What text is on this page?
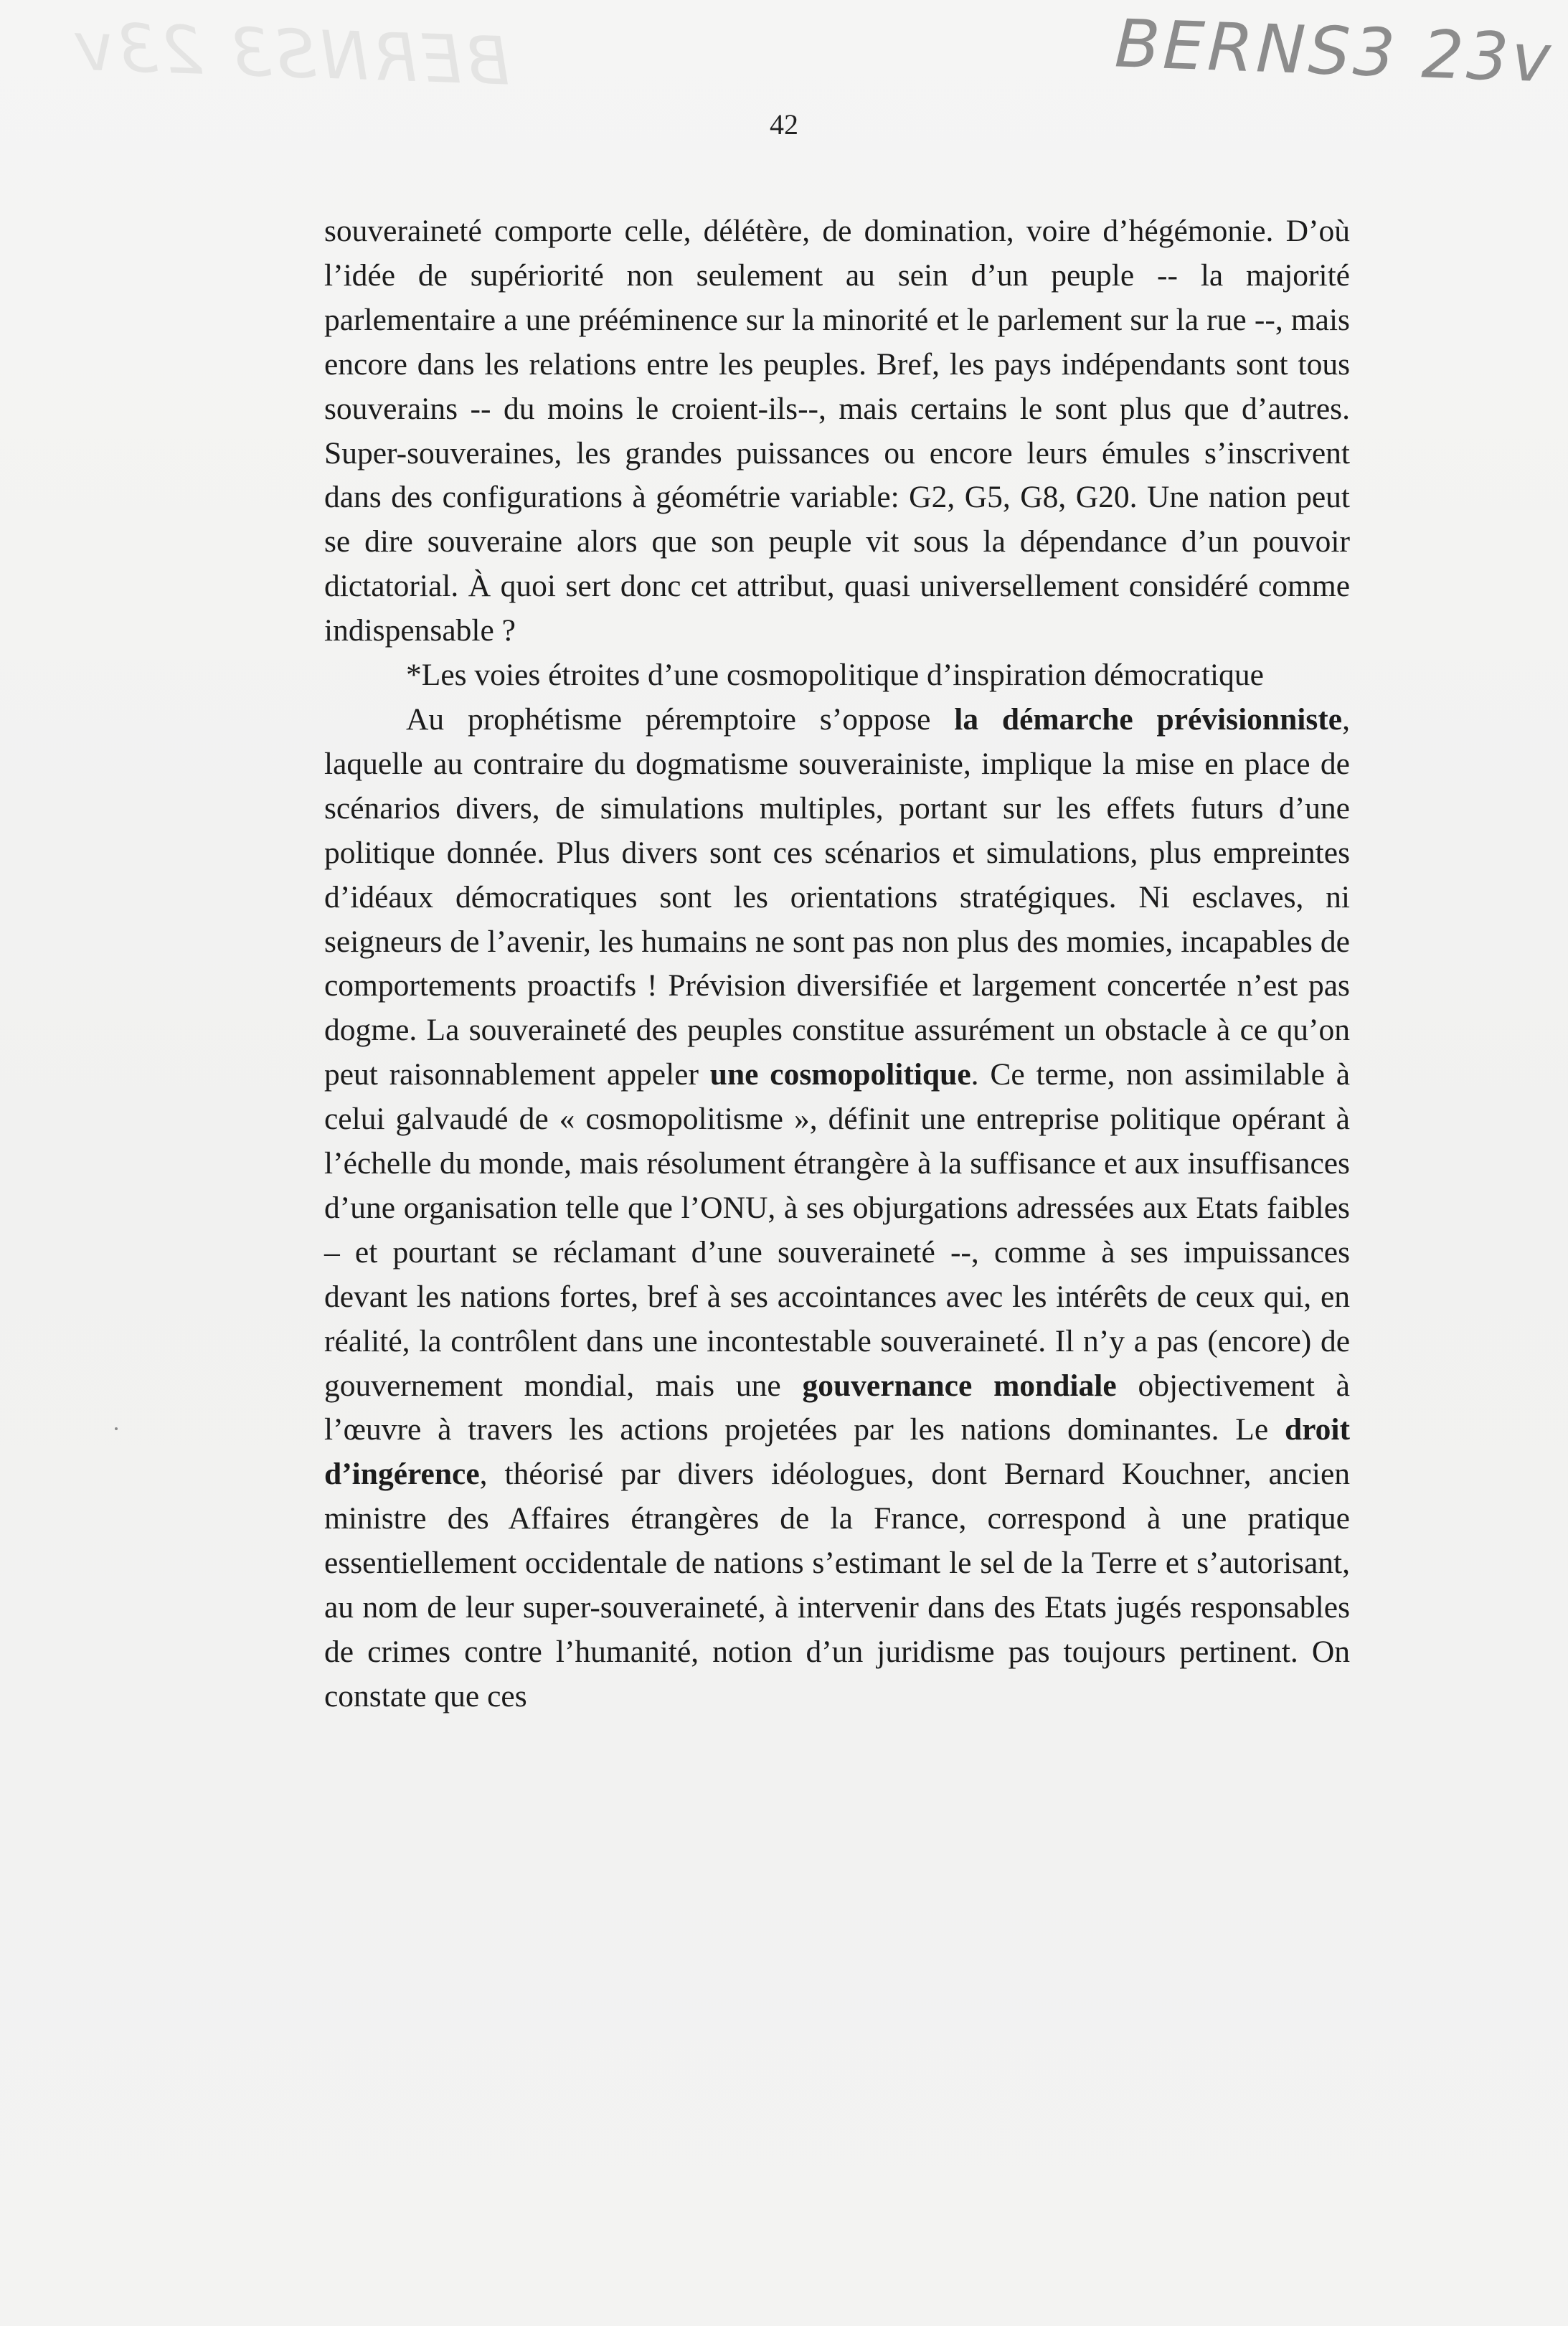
BERNS3 23v	BERNS3 23v
42

souveraineté comporte celle, délétère, de domination, voire d’hégémonie. D’où l’idée de supériorité non seulement au sein d’un peuple -- la majorité parlementaire a une prééminence sur la minorité et le parlement sur la rue --, mais encore dans les relations entre les peuples. Bref, les pays indépendants sont tous souverains -- du moins le croient-ils--, mais certains le sont plus que d’autres. Super-souveraines, les grandes puissances ou encore leurs émules s’inscrivent dans des configurations à géométrie variable: G2, G5, G8, G20. Une nation peut se dire souveraine alors que son peuple vit sous la dépendance d’un pouvoir dictatorial. À quoi sert donc cet attribut, quasi universellement considéré comme indispensable ?

*Les voies étroites d’une cosmopolitique d’inspiration démocratique

Au prophétisme péremptoire s’oppose la démarche prévisionniste, laquelle au contraire du dogmatisme souverainiste, implique la mise en place de scénarios divers, de simulations multiples, portant sur les effets futurs d’une politique donnée. Plus divers sont ces scénarios et simulations, plus empreintes d’idéaux démocratiques sont les orientations stratégiques. Ni esclaves, ni seigneurs de l’avenir, les humains ne sont pas non plus des momies, incapables de comportements proactifs ! Prévision diversifiée et largement concertée n’est pas dogme. La souveraineté des peuples constitue assurément un obstacle à ce qu’on peut raisonnablement appeler une cosmopolitique. Ce terme, non assimilable à celui galvaudé de « cosmopolitisme », définit une entreprise politique opérant à l’échelle du monde, mais résolument étrangère à la suffisance et aux insuffisances d’une organisation telle que l’ONU, à ses objurgations adressées aux Etats faibles – et pourtant se réclamant d’une souveraineté --, comme à ses impuissances devant les nations fortes, bref à ses accointances avec les intérêts de ceux qui, en réalité, la contrôlent dans une incontestable souveraineté. Il n’y a pas (encore) de gouvernement mondial, mais une gouvernance mondiale objectivement à l’œuvre à travers les actions projetées par les nations dominantes. Le droit d’ingérence, théorisé par divers idéologues, dont Bernard Kouchner, ancien ministre des Affaires étrangères de la France, correspond à une pratique essentiellement occidentale de nations s’estimant le sel de la Terre et s’autorisant, au nom de leur super-souveraineté, à intervenir dans des Etats jugés responsables de crimes contre l’humanité, notion d’un juridisme pas toujours pertinent. On constate que ces
